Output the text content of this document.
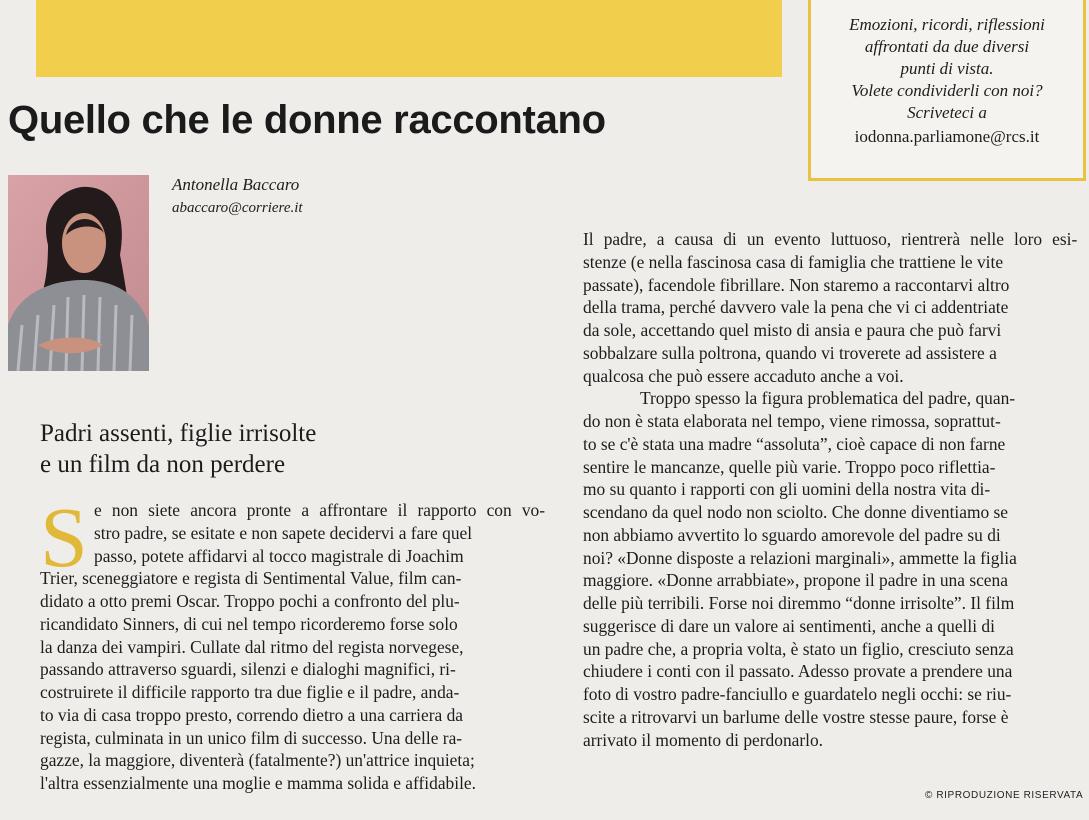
Quello che le donne raccontano
Emozioni, ricordi, riflessioni
affrontati da due diversi
punti di vista.
Volete condividerli con noi?
Scriveteci a
iodonna.parliamone@rcs.it
Antonella Baccaro
abaccaro@corriere.it
Padri assenti, figlie irrisolte
e un film da non perdere
S e non siete ancora pronte a affrontare il rapporto con vo-
stro padre, se esitate e non sapete decidervi a fare quel
passo, potete affidarvi al tocco magistrale di Joachim
Trier, sceneggiatore e regista di Sentimental Value, film can-
didato a otto premi Oscar. Troppo pochi a confronto del plu-
ricandidato Sinners, di cui nel tempo ricorderemo forse solo
la danza dei vampiri. Cullate dal ritmo del regista norvegese,
passando attraverso sguardi, silenzi e dialoghi magnifici, ri-
costruirete il difficile rapporto tra due figlie e il padre, anda-
to via di casa troppo presto, correndo dietro a una carriera da
regista, culminata in un unico film di successo. Una delle ra-
gazze, la maggiore, diventerà (fatalmente?) un'attrice inquieta;
l'altra essenzialmente una moglie e mamma solida e affidabile.
Il padre, a causa di un evento luttuoso, rientrerà nelle loro esi-
stenze (e nella fascinosa casa di famiglia che trattiene le vite
passate), facendole fibrillare. Non staremo a raccontarvi altro
della trama, perché davvero vale la pena che vi ci addentriate
da sole, accettando quel misto di ansia e paura che può farvi
sobbalzare sulla poltrona, quando vi troverete ad assistere a
qualcosa che può essere accaduto anche a voi.
Troppo spesso la figura problematica del padre, quan-
do non è stata elaborata nel tempo, viene rimossa, soprattut-
to se c'è stata una madre “assoluta”, cioè capace di non farne
sentire le mancanze, quelle più varie. Troppo poco riflettia-
mo su quanto i rapporti con gli uomini della nostra vita di-
scendano da quel nodo non sciolto. Che donne diventiamo se
non abbiamo avvertito lo sguardo amorevole del padre su di
noi? «Donne disposte a relazioni marginali», ammette la figlia
maggiore. «Donne arrabbiate», propone il padre in una scena
delle più terribili. Forse noi diremmo “donne irrisolte”. Il film
suggerisce di dare un valore ai sentimenti, anche a quelli di
un padre che, a propria volta, è stato un figlio, cresciuto senza
chiudere i conti con il passato. Adesso provate a prendere una
foto di vostro padre-fanciullo e guardatelo negli occhi: se riu-
scite a ritrovarvi un barlume delle vostre stesse paure, forse è
arrivato il momento di perdonarlo.
© RIPRODUZIONE RISERVATA
